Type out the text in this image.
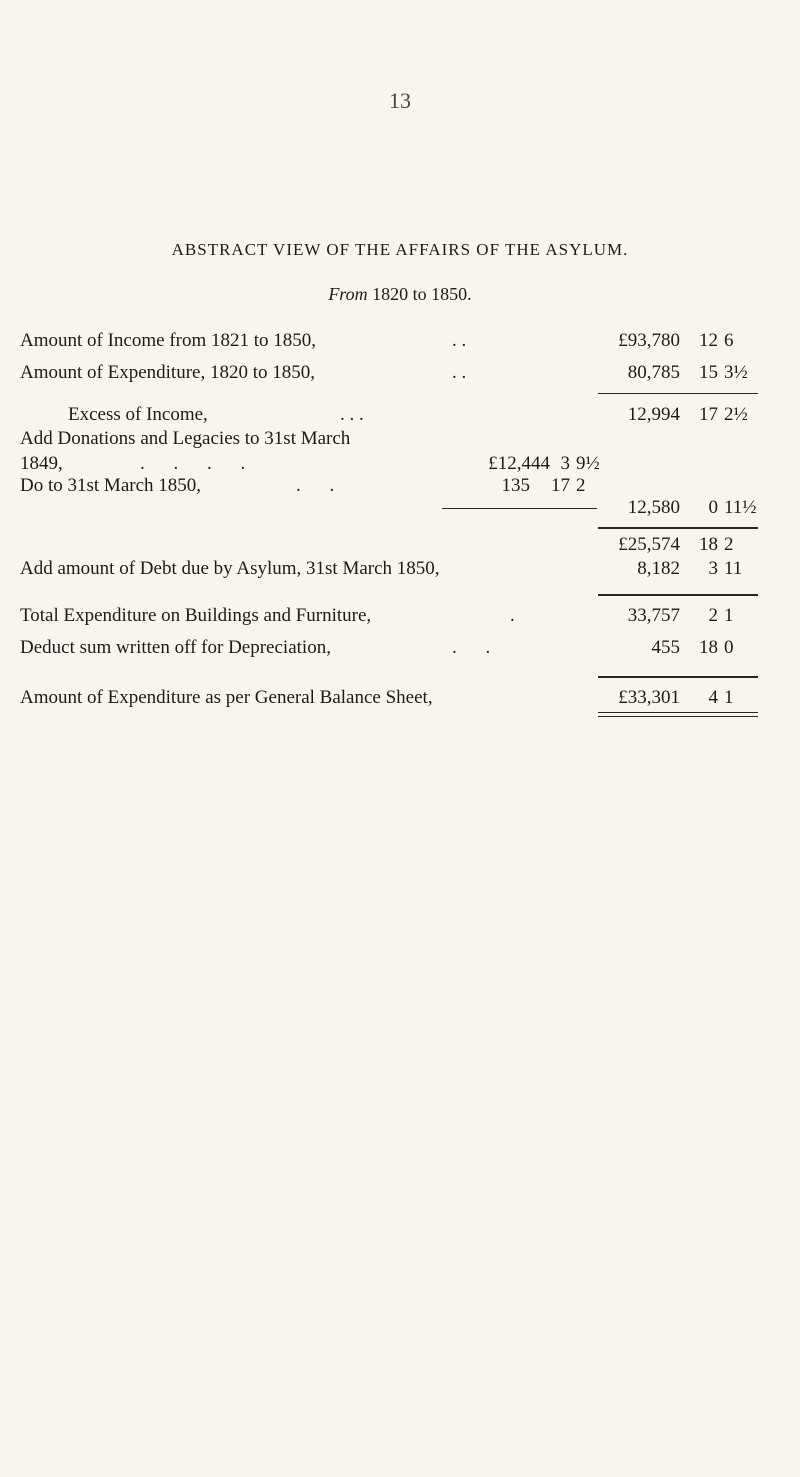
13
ABSTRACT VIEW OF THE AFFAIRS OF THE ASYLUM.
From 1820 to 1850.
Amount of Income from 1821 to 1850,	. .	£93,780	12 6
Amount of Expenditure, 1820 to 1850,	. .	80,785	15 3½
Excess of Income,	. . .	12,994	17 2½
Add Donations and Legacies to 31st March
1849,	. . . .	£12,444 3 9½
Do to 31st March 1850,	. .	135	17 2
12,580	0 11½
£25,574	18 2
Add amount of Debt due by Asylum, 31st March 1850,	8,182	3 11
Total Expenditure on Buildings and Furniture,	.	33,757	2 1
Deduct sum written off for Depreciation,	. .	455	18 0
Amount of Expenditure as per General Balance Sheet,	£33,301	4 1
